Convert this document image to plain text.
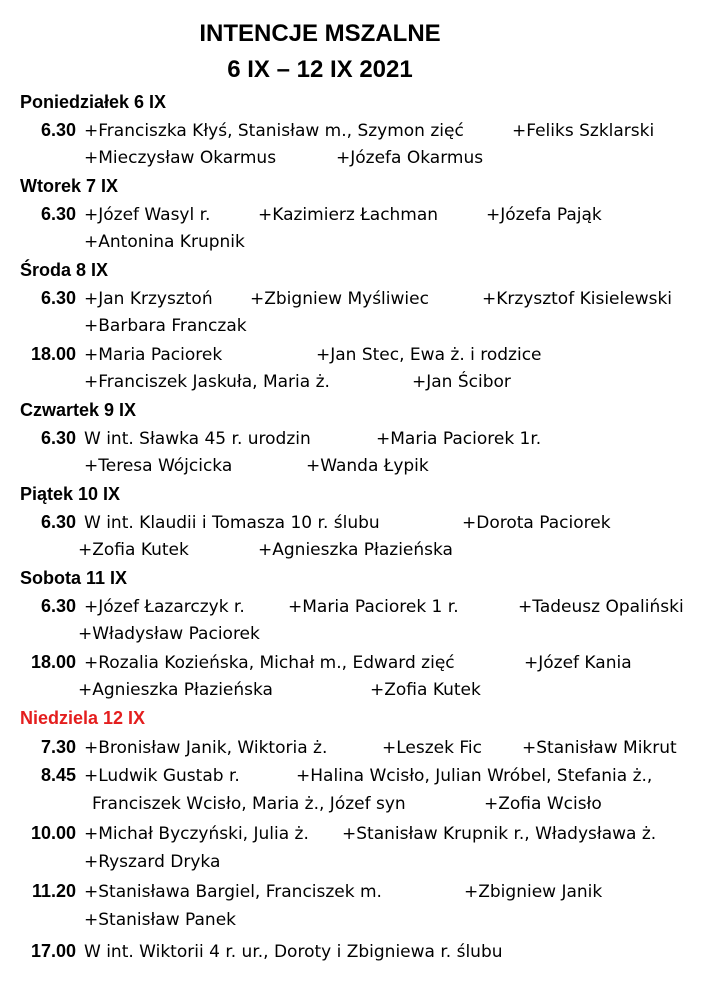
INTENCJE MSZALNE
6 IX – 12 IX 2021
Poniedziałek 6 IX
6.30 +Franciszka Kłyś, Stanisław m., Szymon zięć	+Feliks Szklarski
+Mieczysław Okarmus	+Józefa Okarmus
Wtorek 7 IX
6.30 +Józef Wasyl r.	+Kazimierz Łachman	+Józefa Pająk
+Antonina Krupnik
Środa 8 IX
6.30 +Jan Krzysztoń +Zbigniew Myśliwiec	+Krzysztof Kisielewski
+Barbara Franczak
18.00 +Maria Paciorek	+Jan Stec, Ewa ż. i rodzice
+Franciszek Jaskuła, Maria ż.	+Jan Ścibor
Czwartek 9 IX
6.30 W int. Sławka 45 r. urodzin	+Maria Paciorek 1r.
+Teresa Wójcicka	+Wanda Łypik
Piątek 10 IX
6.30 W int. Klaudii i Tomasza 10 r. ślubu	+Dorota Paciorek
+Zofia Kutek	+Agnieszka Płazieńska
Sobota 11 IX
6.30 +Józef Łazarczyk r.	+Maria Paciorek 1 r.	+Tadeusz Opaliński
+Władysław Paciorek
18.00 +Rozalia Kozieńska, Michał m., Edward zięć	+Józef Kania
+Agnieszka Płazieńska	+Zofia Kutek
Niedziela 12 IX
7.30 +Bronisław Janik, Wiktoria ż.	+Leszek Fic +Stanisław Mikrut
8.45 +Ludwik Gustab r.	+Halina Wcisło, Julian Wróbel, Stefania ż.,
Franciszek Wcisło, Maria ż., Józef syn	+Zofia Wcisło
10.00 +Michał Byczyński, Julia ż. +Stanisław Krupnik r., Władysława ż.
+Ryszard Dryka
11.20 +Stanisława Bargiel, Franciszek m.	+Zbigniew Janik
+Stanisław Panek
17.00 W int. Wiktorii 4 r. ur., Doroty i Zbigniewa r. ślubu
